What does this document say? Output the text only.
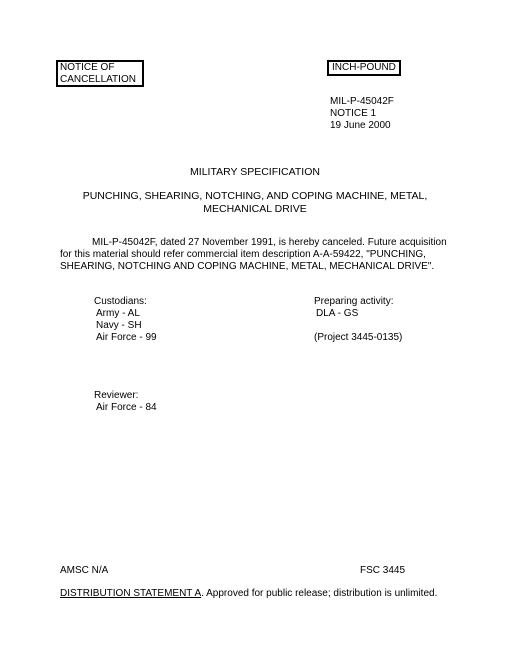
NOTICE OF
CANCELLATION
INCH-POUND
MIL-P-45042F
NOTICE 1
19 June 2000
MILITARY SPECIFICATION
PUNCHING, SHEARING, NOTCHING, AND COPING MACHINE, METAL,
MECHANICAL DRIVE

MIL-P-45042F, dated 27 November 1991, is hereby canceled. Future acquisition for this material should refer commercial item description A-A-59422, "PUNCHING, SHEARING, NOTCHING AND COPING MACHINE, METAL, MECHANICAL DRIVE".

Custodians:
Army - AL
Navy - SH
Air Force - 99
Preparing activity:
DLA - GS

(Project 3445-0135)
Reviewer:
Air Force - 84
AMSC N/A	FSC 3445
DISTRIBUTION STATEMENT A. Approved for public release; distribution is unlimited.
